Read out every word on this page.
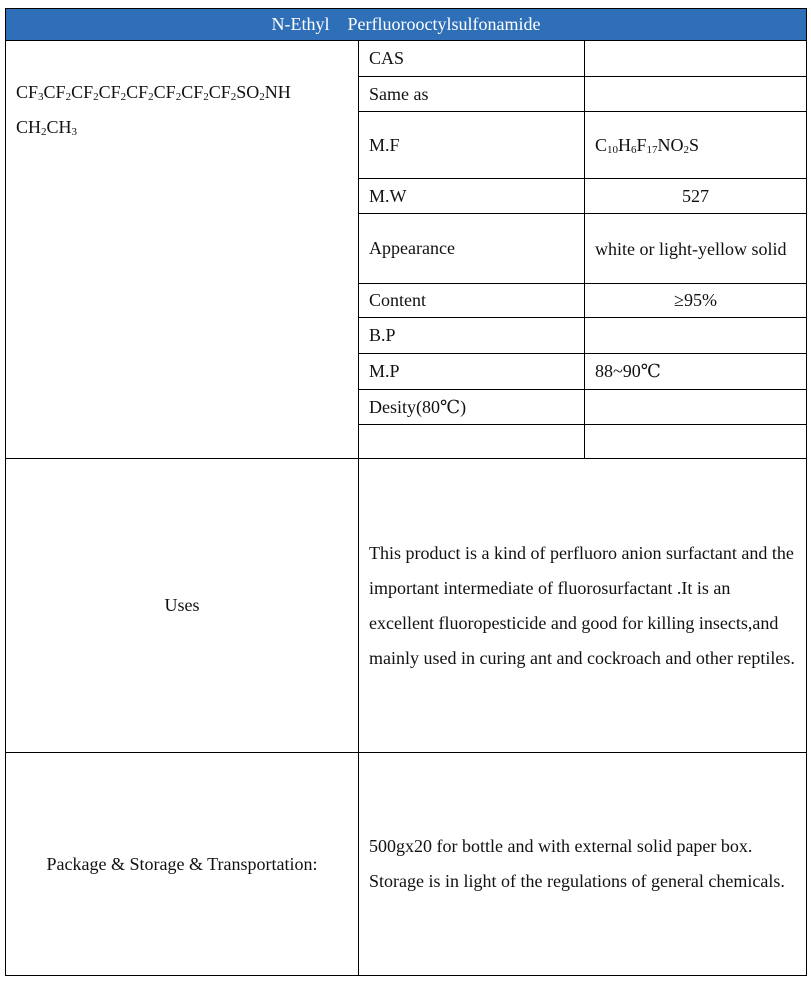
N-Ethyl    Perfluorooctylsulfonamide		

$CF_3CF_2CF_2CF_2CF_2CF_2CF_2CF_2SO_2NH$
$CH_2CH_3$	CAS	
	Same as	
	M.F	$C_{10}H_6F_{17}NO_2S$
	M.W	527
	Appearance	white or light-yellow solid
	Content	≥95%
	B.P	
	M.P	88~90℃
	Desity(80℃)	

Uses	This product is a kind of perfluoro anion surfactant and the important intermediate of fluorosurfactant .It is an excellent fluoropesticide and good for killing insects,and mainly used in curing ant and cockroach and other reptiles.	
Package & Storage & Transportation:	500gx20 for bottle and with external solid paper box. Storage is in light of the regulations of general chemicals.	
